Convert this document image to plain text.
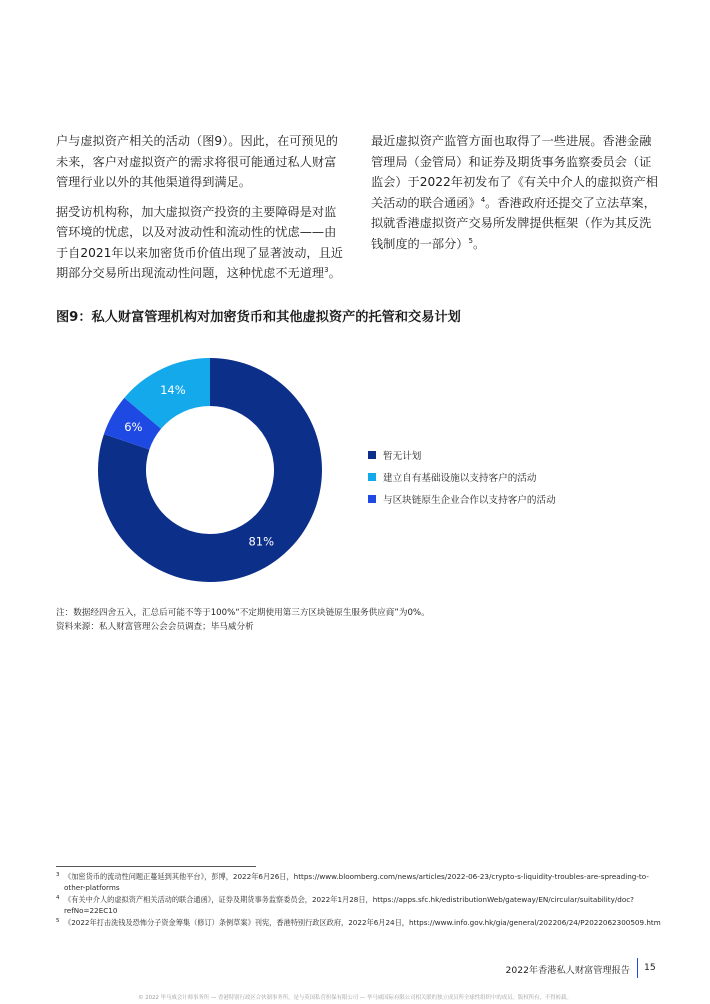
户与虚拟资产相关的活动（图9）。因此，在可预见的未来，客户对虚拟资产的需求将很可能通过私人财富管理行业以外的其他渠道得到满足。

据受访机构称，加大虚拟资产投资的主要障碍是对监管环境的忧虑，以及对波动性和流动性的忧虑——由于自2021年以来加密货币价值出现了显著波动，且近期部分交易所出现流动性问题，这种忧虑不无道理$^3$。

最近虚拟资产监管方面也取得了一些进展。香港金融管理局（金管局）和证券及期货事务监察委员会（证监会）于2022年初发布了《有关中介人的虚拟资产相关活动的联合通函》$^4$。香港政府还提交了立法草案，拟就香港虚拟资产交易所发牌提供框架（作为其反洗钱制度的一部分）$^5$。

图9：私人财富管理机构对加密货币和其他虚拟资产的托管和交易计划
81%
6%
14%
暂无计划
建立自有基础设施以支持客户的活动
与区块链原生企业合作以支持客户的活动
注：数据经四舍五入，汇总后可能不等于100%“不定期使用第三方区块链原生服务供应商”为0%。
资料来源：私人财富管理公会会员调查；毕马威分析
3 《加密货币的流动性问题正蔓延到其他平台》，彭博，2022年6月26日，https://www.bloomberg.com/news/articles/2022-06-23/crypto-s-liquidity-troubles-are-spreading-to-other-platforms
4 《有关中介人的虚拟资产相关活动的联合通函》，证券及期货事务监察委员会，2022年1月28日，https://apps.sfc.hk/edistributionWeb/gateway/EN/circular/suitability/doc?refNo=22EC10
5 《2022年打击洗钱及恐怖分子资金筹集（修订）条例草案》刊宪，香港特别行政区政府，2022年6月24日，https://www.info.gov.hk/gia/general/202206/24/P2022062300509.htm
2022年香港私人财富管理报告 15
© 2022 毕马威会计师事务所 — 香港特别行政区合伙制事务所，是与英国私营担保有限公司 — 毕马威国际有限公司相关联的独立成员所全球性组织中的成员。版权所有，不得转载。
